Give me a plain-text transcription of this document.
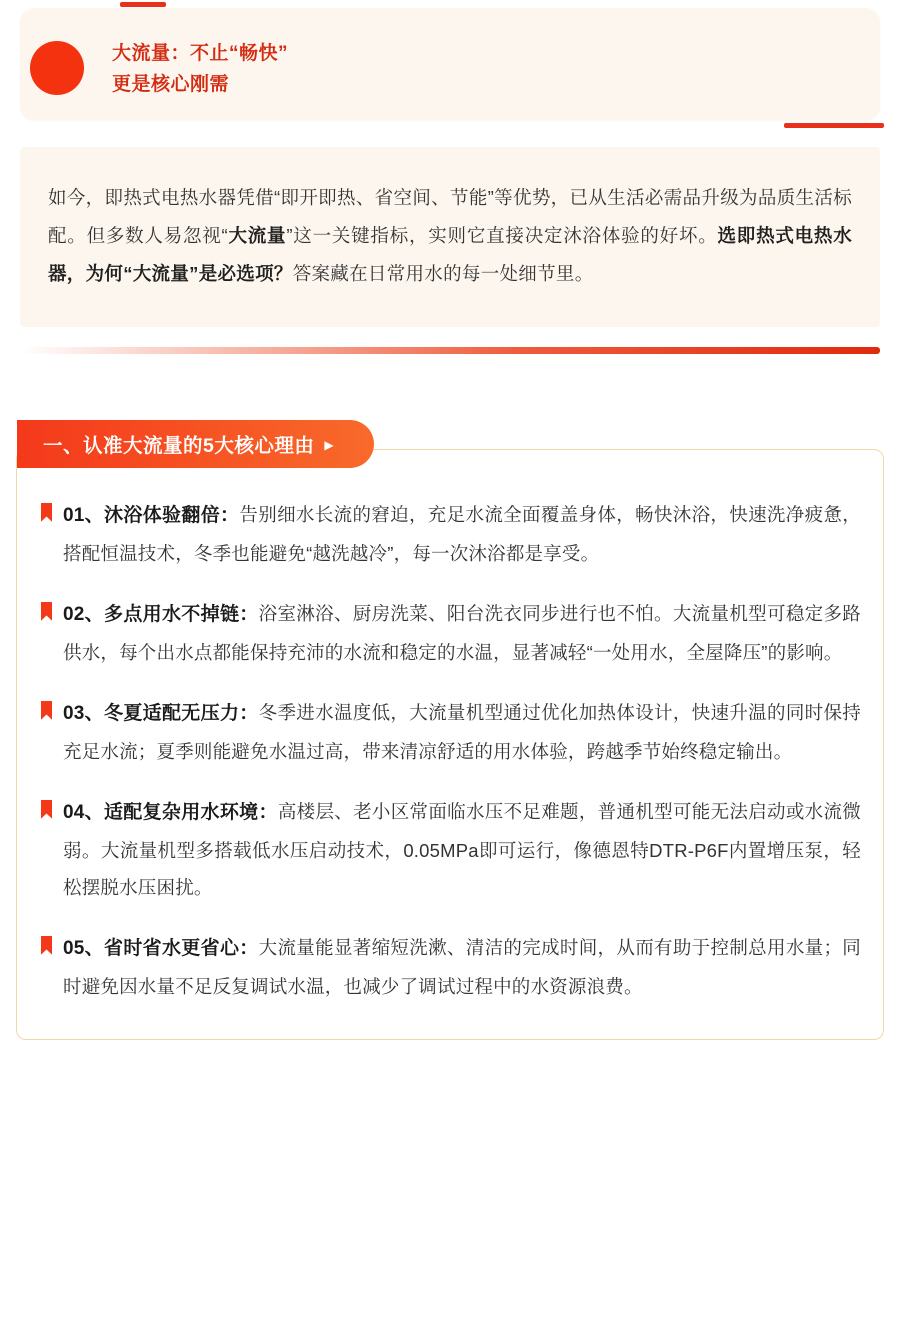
大流量：不止“畅快”
更是核心刚需
如今，即热式电热水器凭借“即开即热、省空间、节能”等优势，已从生活必需品升级为品质生活标配。但多数人易忽视“大流量”这一关键指标，实则它直接决定沐浴体验的好坏。选即热式电热水器，为何“大流量”是必选项？答案藏在日常用水的每一处细节里。
一、认准大流量的5大核心理由 ▶
01、沐浴体验翻倍：告别细水长流的窘迫，充足水流全面覆盖身体，畅快沐浴，快速洗净疲惫，搭配恒温技术，冬季也能避免“越洗越冷”，每一次沐浴都是享受。
02、多点用水不掉链：浴室淋浴、厨房洗菜、阳台洗衣同步进行也不怕。大流量机型可稳定多路供水，每个出水点都能保持充沛的水流和稳定的水温，显著减轻“一处用水，全屋降压”的影响。
03、冬夏适配无压力：冬季进水温度低，大流量机型通过优化加热体设计，快速升温的同时保持充足水流；夏季则能避免水温过高，带来清凉舒适的用水体验，跨越季节始终稳定输出。
04、适配复杂用水环境：高楼层、老小区常面临水压不足难题，普通机型可能无法启动或水流微弱。大流量机型多搭载低水压启动技术，0.05MPa即可运行，像德恩特DTR-P6F内置增压泵，轻松摆脱水压困扰。
05、省时省水更省心：大流量能显著缩短洗漱、清洁的完成时间，从而有助于控制总用水量；同时避免因水量不足反复调试水温，也减少了调试过程中的水资源浪费。
